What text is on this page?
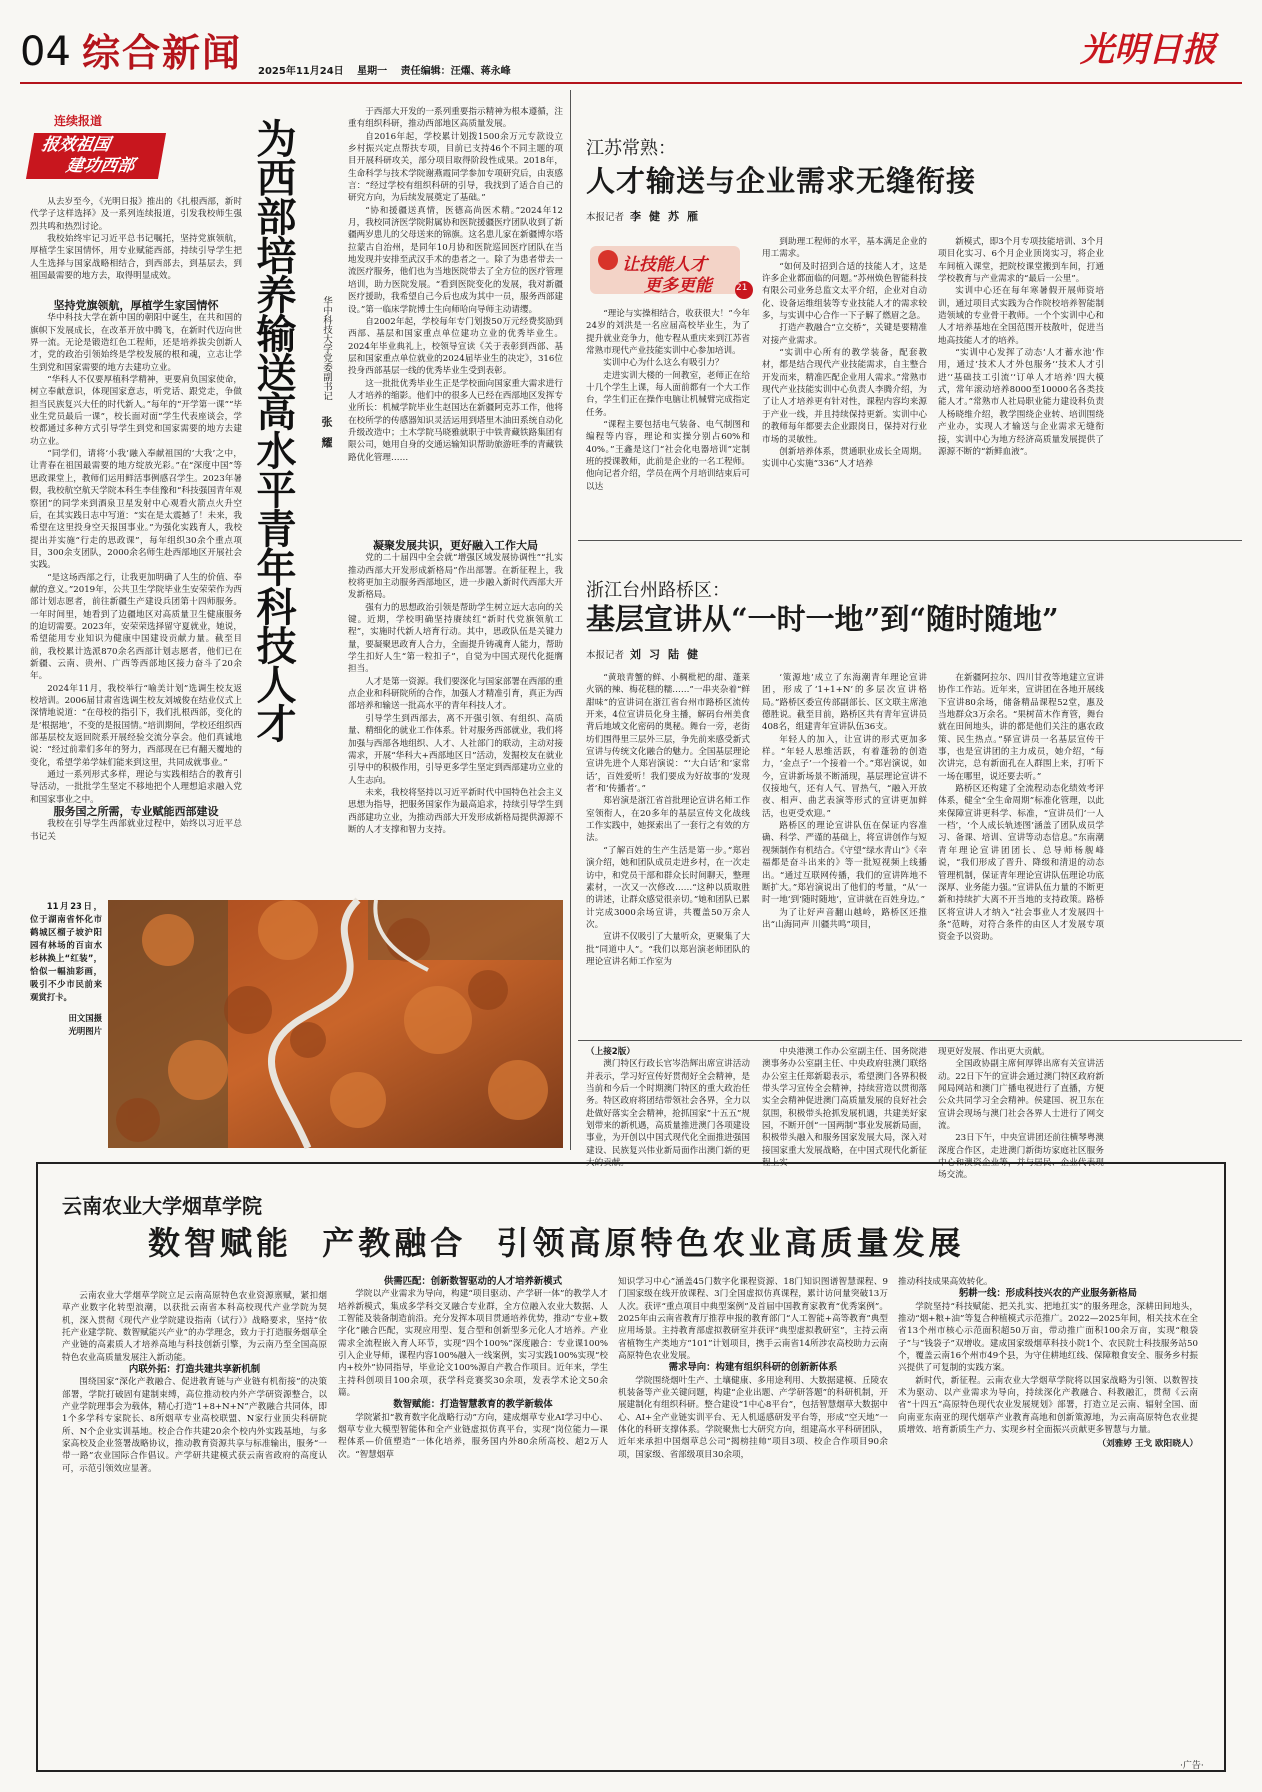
04 综合新闻 2025年11月24日 星期一 责任编辑：汪燿、蒋永峰
光明日报
连续报道
报效祖国
建功西部

从去岁至今，《光明日报》推出的《扎根西部，新时代学子这样选择》及一系列连续报道，引发我校师生强烈共鸣和热烈讨论。

我校始终牢记习近平总书记嘱托，坚持党旗领航，厚植学生家国情怀，用专业赋能西部，持续引导学生把人生选择与国家战略相结合，到西部去，到基层去，到祖国最需要的地方去，取得明显成效。

坚持党旗领航，厚植学生家国情怀

华中科技大学在新中国的朝阳中诞生，在共和国的旗帜下发展成长，在改革开放中腾飞，在新时代迈向世界一流。无论是锻造红色工程师，还是培养拔尖创新人才，党的政治引领始终是学校发展的根和魂，立志让学生到党和国家需要的地方去建功立业。

“华科人不仅要厚植科学精神，更要肩负国家使命，树立奉献意识，体现国家意志，听党话、跟党走，争做担当民族复兴大任的时代新人。”每年的“开学第一课”“毕业生党员最后一课”，校长面对面“学生代表座谈会，学校都通过多种方式引导学生到党和国家需要的地方去建功立业。

“同学们，请将‘小我’融入奉献祖国的‘大我’之中，让青春在祖国最需要的地方绽放光彩。”在“深度中国”等思政课堂上，教师们运用鲜活事例感召学生。2023年暑假，我校航空航天学院本科生李佳豫和“科技强国青年观察团”的同学来到酒泉卫星发射中心观看火箭点火升空后，在其实践日志中写道：“实在是太震撼了！未来，我希望在这里投身空天报国事业。”为强化实践育人，我校提出并实施“行走的思政课”，每年组织30余个重点项目，300余支团队，2000余名师生赴西部地区开展社会实践。

“是这场西部之行，让我更加明确了人生的价值、奉献的意义。”2019年，公共卫生学院毕业生安荣荣作为西部计划志愿者，前往新疆生产建设兵团第十四师服务。一年时间里，她看到了边疆地区对高质量卫生健康服务的迫切需要。2023年，安荣荣选择留守夏就业，她说，希望能用专业知识为健康中国建设贡献力量。截至目前，我校累计选派870余名西部计划志愿者，他们已在新疆、云南、贵州、广西等西部地区接力奋斗了20余年。

2024年11月，我校举行“喻美计划”选调生校友返校培训。2006届甘肃省选调生校友刘城俊在结业仪式上深情地说道：“在母校的指引下，我们扎根西部，变化的是‘根据地’，不变的是报国情。”培训期间，学校还组织西部基层校友返回院系开展经验交流分享会。他们真诚地说：“经过前辈们多年的努力，西部现在已有翻天覆地的变化，希望学弟学妹们能来到这里，共同成就事业。”

通过一系列形式多样，理论与实践相结合的教育引导活动，一批批学生坚定不移地把个人理想追求融入党和国家事业之中。

服务国之所需，专业赋能西部建设

我校在引导学生西部就业过程中，始终以习近平总书记关

为西部培养输送高水平青年科技人才	华中科技大学党委副书记 张耀

于西部大开发的一系列重要指示精神为根本遵循，注重有组织科研，推动西部地区高质量发展。

自2016年起，学校累计划拨1500余万元专款设立乡村振兴定点帮扶专项，目前已支持46个不同主题的项目开展科研攻关，部分项目取得阶段性成果。2018年，生命科学与技术学院谢燕霞同学参加专项研究后，由衷感言：“经过学校有组织科研的引导，我找到了适合自己的研究方向，为后续发展奠定了基础。”

“协和援疆送真情，医德高尚医术精。”2024年12月，我校同济医学院附属协和医院援疆医疗团队收到了新疆两岁患儿的父母送来的锦旗。这名患儿家在新疆博尔塔拉蒙古自治州，是同年10月协和医院巡回医疗团队在当地发现并安排至武汉手术的患者之一。除了为患者带去一流医疗服务，他们也为当地医院带去了全方位的医疗管理培训，助力医院发展。“看到医院变化的发展，我对新疆医疗援助，我希望自己今后也成为其中一员，服务西部建设。”第一临床学院博士生向师哈向导师主动请缨。

自2002年起，学校每年专门划拨50万元经费奖励到西部、基层和国家重点单位建功立业的优秀毕业生。2024年毕业典礼上，校领导宣读《关于表彰到西部、基层和国家重点单位就业的2024届毕业生的决定》，316位投身西部基层一线的优秀毕业生受到表彰。

这一批批优秀毕业生正是学校面向国家重大需求进行人才培养的缩影。他们中的很多人已经在西部地区发挥专业所长：机械学院毕业生赵国达在新疆阿克苏工作，他将在校所学的传感器知识灵活运用到塔里木油田系统自动化升级改造中；土木学院马晓雅就职于中铁青藏铁路集团有限公司，她用自身的交通运输知识帮助旅游旺季的青藏铁路优化管理……

凝聚发展共识，更好融入工作大局

党的二十届四中全会就“增强区域发展协调性”“扎实推动西部大开发形成新格局”作出部署。在新征程上，我校将更加主动服务西部地区，进一步融入新时代西部大开发新格局。

强有力的思想政治引领是帮助学生树立远大志向的关键。近期，学校明确坚持赓续红“新时代党旗领航工程”，实施时代新人培育行动。其中，思政队伍是关键力量，要凝聚思政育人合力，全面提升铸魂育人能力，帮助学生扣好人生“第一粒扣子”，自觉为中国式现代化挺膺担当。

人才是第一资源。我们要深化与国家部署在西部的重点企业和科研院所的合作，加强人才精准引育，真正为西部培养和输送一批高水平的青年科技人才。

引导学生到西部去，离不开强引领、有组织、高质量、精细化的就业工作体系。针对服务西部就业，我们将加强与西部各地组织、人才、人社部门的联动，主动对接需求，开展“华科大+西部地区日”活动，发掘校友在就业引导中的积极作用，引导更多学生坚定到西部建功立业的人生志向。

未来，我校将坚持以习近平新时代中国特色社会主义思想为指导，把服务国家作为最高追求，持续引导学生到西部建功立业，为推动西部大开发形成新格局提供源源不断的人才支撑和智力支持。

11月23日，位于湖南省怀化市鹤城区榴子坡沪阳园有林场的百亩水杉林换上“红装”，恰似一幅油彩画，吸引不少市民前来观赏打卡。

田文国摄
光明图片
江苏常熟：
人才输送与企业需求无缝衔接
本报记者 李健苏雁
让技能人才
更多更能	21

“理论与实操相结合，收获很大！”今年24岁的刘洪是一名应届高校毕业生，为了提升就业竞争力，他专程从重庆来到江苏省常熟市现代产业技能实训中心参加培训。

实训中心为什么这么有吸引力？

走进实训大楼的一间教室，老师正在给十几个学生上课，每人面前都有一个大工作台，学生们正在操作电脑让机械臂完成指定任务。

“课程主要包括电气装备、电气制图和编程等内容，理论和实操分别占60%和40%。”王鑫是这门“社会化电器培训”定制班的授课教师，此前是企业的一名工程师。他向记者介绍，学员在两个月培训结束后可以达

到助理工程师的水平，基本满足企业的用工需求。

“如何及时招到合适的技能人才，这是许多企业都面临的问题。”苏州焕色智能科技有限公司业务总监文太平介绍，企业对自动化、设备运维组装等专业技能人才的需求较多，与实训中心合作一下子解了燃眉之急。

打造产教融合“立交桥”，关键是要精准对接产业需求。

“实训中心所有的教学装备，配套教材，都是结合现代产业技能需求，自主整合开发而来，精准匹配企业用人需求。”常熟市现代产业技能实训中心负责人李腾介绍，为了让人才培养更有针对性，课程内容均来源于产业一线，并且持续保持更新。实训中心的教师每年都要去企业跟岗日，保持对行业市场的灵敏性。

创新培养体系，贯通职业成长全周期。实训中心实施“336”人才培养

新模式，即3个月专项技能培训、3个月项目化实习、6个月企业顶岗实习，将企业车间植入课堂，把院校课堂搬到车间，打通学校教育与产业需求的“最后一公里”。

实训中心还在每年寒暑假开展师资培训，通过项目式实践为合作院校培养智能制造领域的专业骨干教师。一个个实训中心和人才培养基地在全国范围开枝散叶，促进当地高技能人才的培养。

“实训中心发挥了动态‘人才蓄水池’作用，通过‘技术人才外包服务’‘技术人才引进’‘基础技工引流’‘订单人才培养’四大模式，常年滚动培养8000至10000名各类技能人才。”常熟市人社局职业能力建设科负责人杨晓维介绍，教学围绕企业转、培训围绕产业办，实现人才输送与企业需求无缝衔接，实训中心为地方经济高质量发展提供了源源不断的“新鲜血液”。

浙江台州路桥区：
基层宣讲从“一时一地”到“随时随地”
本报记者 刘习陆健

“黄琅青蟹的鲜、小稠枇杷的甜、蓬莱火锅的辣、梅花糕的糯……”一串夹杂着“鲜甜味”的宣讲词在浙江省台州市路桥区流传开来，4位宣讲员化身主播，解码台州美食背后地域文化密码的奥秘。舞台一旁，老街坊们围得里三层外三层，争先前来感受新式宣讲与传统文化融合的魅力。全国基层理论宣讲先进个人郑岩演说：“‘大白话’和‘家常话’，百姓爱听！我们要成为好故事的‘发现者’和‘传播者’。”

郑岩演是浙江省首批理论宣讲名师工作室领衔人，在20多年的基层宣传文化战线工作实践中，她探索出了一套行之有效的方法。

“了解百姓的生产生活是第一步。”郑岩演介绍，她和团队成员走进乡村，在一次走访中，和党员干部和群众长时间聊天，整理素材，一次又一次修改……“这种以质取胜的讲述，让群众感觉很亲切。”她和团队已累计完成3000余场宣讲，共覆盖50万余人次。

宣讲不仅吸引了大量听众，更聚集了大批“同道中人”。“我们以郑岩演老师团队的理论宣讲名师工作室为

‘策源地’成立了东海潮青年理论宣讲团，形成了‘1+1+N’的多层次宣讲格局。”路桥区委宣传部副部长、区文联主席池德胜说。截至目前，路桥区共有青年宣讲员408名，组建青年宣讲队伍36支。

年轻人的加入，让宣讲的形式更加多样。“年轻人思维活跃，有着蓬勃的创造力，‘金点子’一个接着一个。”郑岩演说，如今，宣讲新场景不断涌现，基层理论宣讲不仅接地气，还有人气、冒热气，“融入开放夜、相声、曲艺表演等形式的宣讲更加鲜活，也更受欢迎。”

路桥区的理论宣讲队伍在保证内容准确、科学、严谨的基础上，将宣讲创作与短视频制作有机结合。《守望“绿水青山”》《幸福都是奋斗出来的》等一批短视频上线播出。“通过互联网传播，我们的宣讲阵地不断扩大。”郑岩演说出了他们的考量，“从‘一时一地’到‘随时随地’，宣讲就在百姓身边。”

为了让好声音翻山越岭，路桥区还推出“山海同声 川疆共鸣”项目，

在新疆阿拉尔、四川甘孜等地建立宣讲协作工作站。近年来，宣讲团在各地开展线下宣讲80余场，储备精品课程52堂，惠及当地群众3万余名。“果树苗木作育管，舞台就在田间地头，讲的都是他们关注的惠农政策、民生热点。”驿宣讲员一名基层宣传干事，也是宣讲团的主力成员，她介绍，“每次讲完，总有新面孔在人群围上来，打听下一场在哪里，说还要去听。”

路桥区还构建了全流程动态化绩效考评体系，健全“全生命周期”标准化管理，以此来保障宣讲更科学、标准，“宣讲员们‘一人一档’，‘个人成长轨迹图’涵盖了团队成员学习、备课、培训、宣讲等动态信息。”东南潮青年理论宣讲团团长、总导师杨舰峰说，“我们形成了晋升、降级和清退的动态管理机制，保证青年理论宣讲队伍理论功底深厚、业务能力强。”宣讲队伍力量的不断更新和持续扩大离不开当地的支持政策。路桥区将宣讲人才纳入“社会事业人才发展四十条”范畴，对符合条件的由区人才发展专项资金予以资助。

（上接2版）

澳门特区行政长官岑浩辉出席宣讲活动并表示，学习好宣传好贯彻好全会精神，是当前和今后一个时期澳门特区的重大政治任务。特区政府将团结带领社会各界，全力以赴做好落实全会精神，抢抓国家“十五五”规划带来的新机遇，高质量推进澳门各项建设事业，为开创以中国式现代化全面推进强国建设、民族复兴伟业新局面作出澳门新的更大的贡献。

中央港澳工作办公室副主任、国务院港澳事务办公室副主任、中央政府驻澳门联络办公室主任郑新聪表示，希望澳门各界积极带头学习宣传全会精神，持续营造以贯彻落实全会精神促进澳门高质量发展的良好社会氛围，积极带头抢抓发展机遇，共建美好家园，不断开创“一国两制”事业发展新局面，积极带头融入和服务国家发展大局，深入对接国家重大发展战略，在中国式现代化新征程上实

现更好发展、作出更大贡献。

全国政协副主席何厚铧出席有关宣讲活动。22日下午的宣讲会通过澳门特区政府新闻局网站和澳门广播电视进行了直播，方便公众共同学习全会精神。侯建国、祝卫东在宣讲会现场与澳门社会各界人士进行了网交流。

23日下午，中央宣讲团还前往横琴粤澳深度合作区，走进澳门新街坊家庭社区服务中心和澳资企业等，并与居民、企业代表现场交流。

云南农业大学烟草学院
数智赋能  产教融合  引领高原特色农业高质量发展

云南农业大学烟草学院立足云南高原特色农业资源禀赋，紧扣烟草产业数字化转型浪潮，以获批云南省本科高校现代产业学院为契机，深入贯彻《现代产业学院建设指南（试行）》战略要求，坚持“依托产业建学院、数智赋能兴产业”的办学理念，致力于打造服务烟草全产业链的高素质人才培养高地与科技创新引擎，为云南乃至全国高原特色农业高质量发展注入新动能。

内联外拓：打造共建共享新机制

围绕国家“深化产教融合、促进教育链与产业链有机衔接”的决策部署，学院打破固有建制束缚，高位推动校内外产学研资源整合，以产业学院理事会为载体，精心打造“1+8+N+N”产教融合共同体，即1个多学科专家院长、8所烟草专业高校联盟、N家行业顶尖科研院所、N个企业实训基地。校企合作共建20余个校内外实践基地，与多家高校及企业签署战略协议，推动教育资源共享与标准输出，服务“一带一路”农业国际合作倡议。产学研共建模式获云南省政府的高度认可，示范引领效应显著。

供需匹配：创新数智驱动的人才培养新模式

学院以产业需求为导向，构建“项目驱动、产学研一体”的教学人才培养新模式，集成多学科交叉融合专业群，全方位融入农业大数据、人工智能及装备制造前沿。充分发挥本项目贯通培养优势，推动“专业+数字化”融合匹配，实现应用型、复合型和创新型多元化人才培养。产业需求全流程嵌入育人环节，实现“四个100%”深度融合：专业课100%引入企业导师，课程内容100%融入一线案例，实习实践100%实现“校内+校外”协同指导，毕业论文100%源自产教合作项目。近年来，学生主持科创项目100余项，获学科竞赛奖30余项，发表学术论文50余篇。

数智赋能：打造智慧教育的教学新载体

学院紧扣“教育数字化战略行动”方向，建成烟草专业AI学习中心、烟草专业大模型智能体和全产业链虚拟仿真平台，实现“岗位能力—课程体系—价值塑造”一体化培养，服务国内外80余所高校、超2万人次。“智慧烟草

知识学习中心”涵盖45门数字化课程资源、18门知识图谱智慧课程、9门国家级在线开放课程、3门全国虚拟仿真课程，累计访问量突破13万人次。获评“重点项目中典型案例”及首届中国教育家教育“优秀案例”。2025年由云南省教育厅推荐申报的教育部门“人工智能+高等教育”典型应用场景。主持教育部虚拟教研室并获评“典型虚拟教研室”，主持云南省植物生产类地方“101”计划项目，携手云南省14所涉农高校助力云南高原特色农业发展。

需求导向：构建有组织科研的创新新体系

学院围绕烟叶生产、土壤健康、多用途利用、大数据建模、丘陵农机装备等产业关键问题，构建“企业出题、产学研答题”的科研机制，开展建制化有组织科研。整合建设“1中心8平台”，包括智慧烟草大数据中心、AI+全产业链实训平台、无人机遥感研发平台等，形成“空天地”一体化的科研支撑体系。学院聚焦七大研究方向，组建高水平科研团队，近年来承担中国烟草总公司“揭榜挂帅”项目3项、校企合作项目90余项，国家级、省部级项目30余项，

推动科技成果高效转化。

躬耕一线：形成科技兴农的产业服务新格局

学院坚持“科技赋能、把关扎实、把地扛实”的服务理念，深耕田间地头，推动“烟+粮+油”等复合种植模式示范推广。2022—2025年间，相关技术在全省13个州市核心示范面积超50万亩，带动推广面积100余万亩，实现“粮袋子”与“钱袋子”双增收。建成国家级烟草科技小院1个、农民院士科技服务站50个，覆盖云南16个州市49个县，为守住耕地红线、保障粮食安全、服务乡村振兴提供了可复制的实践方案。

新时代，新征程。云南农业大学烟草学院将以国家战略为引领、以数智技术为驱动、以产业需求为导向，持续深化产教融合、科教融汇，贯彻《云南省“十四五”高原特色现代农业发展规划》部署，打造立足云南、辐射全国、面向南亚东南亚的现代烟草产业教育高地和创新策源地，为云南高原特色农业提质增效、培育新质生产力、实现乡村全面振兴贡献更多智慧与力量。

（刘雅婷 王戈 欧阳晓人）
·广告·
